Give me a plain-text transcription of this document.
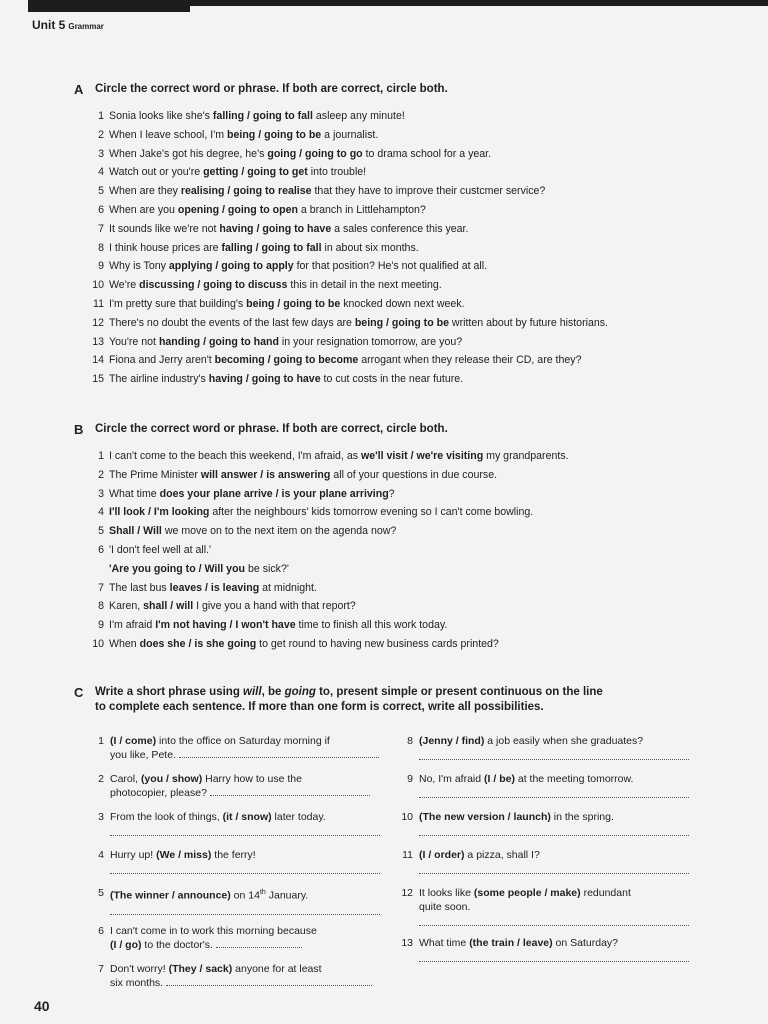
Unit 5 Grammar
A	Circle the correct word or phrase. If both are correct, circle both.
1 Sonia looks like she's falling / going to fall asleep any minute!
2 When I leave school, I'm being / going to be a journalist.
3 When Jake's got his degree, he's going / going to go to drama school for a year.
4 Watch out or you're getting / going to get into trouble!
5 When are they realising / going to realise that they have to improve their custcmer service?
6 When are you opening / going to open a branch in Littlehampton?
7 It sounds like we're not having / going to have a sales conference this year.
8 I think house prices are falling / going to fall in about six months.
9 Why is Tony applying / going to apply for that position? He's not qualified at all.
10 We're discussing / going to discuss this in detail in the next meeting.
11 I'm pretty sure that building's being / going to be knocked down next week.
12 There's no doubt the events of the last few days are being / going to be written about by future historians.
13 You're not handing / going to hand in your resignation tomorrow, are you?
14 Fiona and Jerry aren't becoming / going to become arrogant when they release their CD, are they?
15 The airline industry's having / going to have to cut costs in the near future.
B	Circle the correct word or phrase. If both are correct, circle both.
1 I can't come to the beach this weekend, I'm afraid, as we'll visit / we're visiting my grandparents.
2 The Prime Minister will answer / is answering all of your questions in due course.
3 What time does your plane arrive / is your plane arriving?
4 I'll look / I'm looking after the neighbours' kids tomorrow evening so I can't come bowling.
5 Shall / Will we move on to the next item on the agenda now?
6 'I don't feel well at all.'
'Are you going to / Will you be sick?'
7 The last bus leaves / is leaving at midnight.
8 Karen, shall / will I give you a hand with that report?
9 I'm afraid I'm not having / I won't have time to finish all this work today.
10 When does she / is she going to get round to having new business cards printed?
C	Write a short phrase using will, be going to, present simple or present continuous on the line
to complete each sentence. If more than one form is correct, write all possibilities.
1 (I / come) into the office on Saturday morning if
you like, Pete.
2 Carol, (you / show) Harry how to use the
photocopier, please?
3 From the look of things, (it / snow) later today.
4 Hurry up! (We / miss) the ferry!
5 (The winner / announce) on 14th January.
6 I can't come in to work this morning because
(I / go) to the doctor's.
7 Don't worry! (They / sack) anyone for at least
six months.
8 (Jenny / find) a job easily when she graduates?
9 No, I'm afraid (I / be) at the meeting tomorrow.
10 (The new version / launch) in the spring.
11 (I / order) a pizza, shall I?
12 It looks like (some people / make) redundant
quite soon.
13 What time (the train / leave) on Saturday?
40
